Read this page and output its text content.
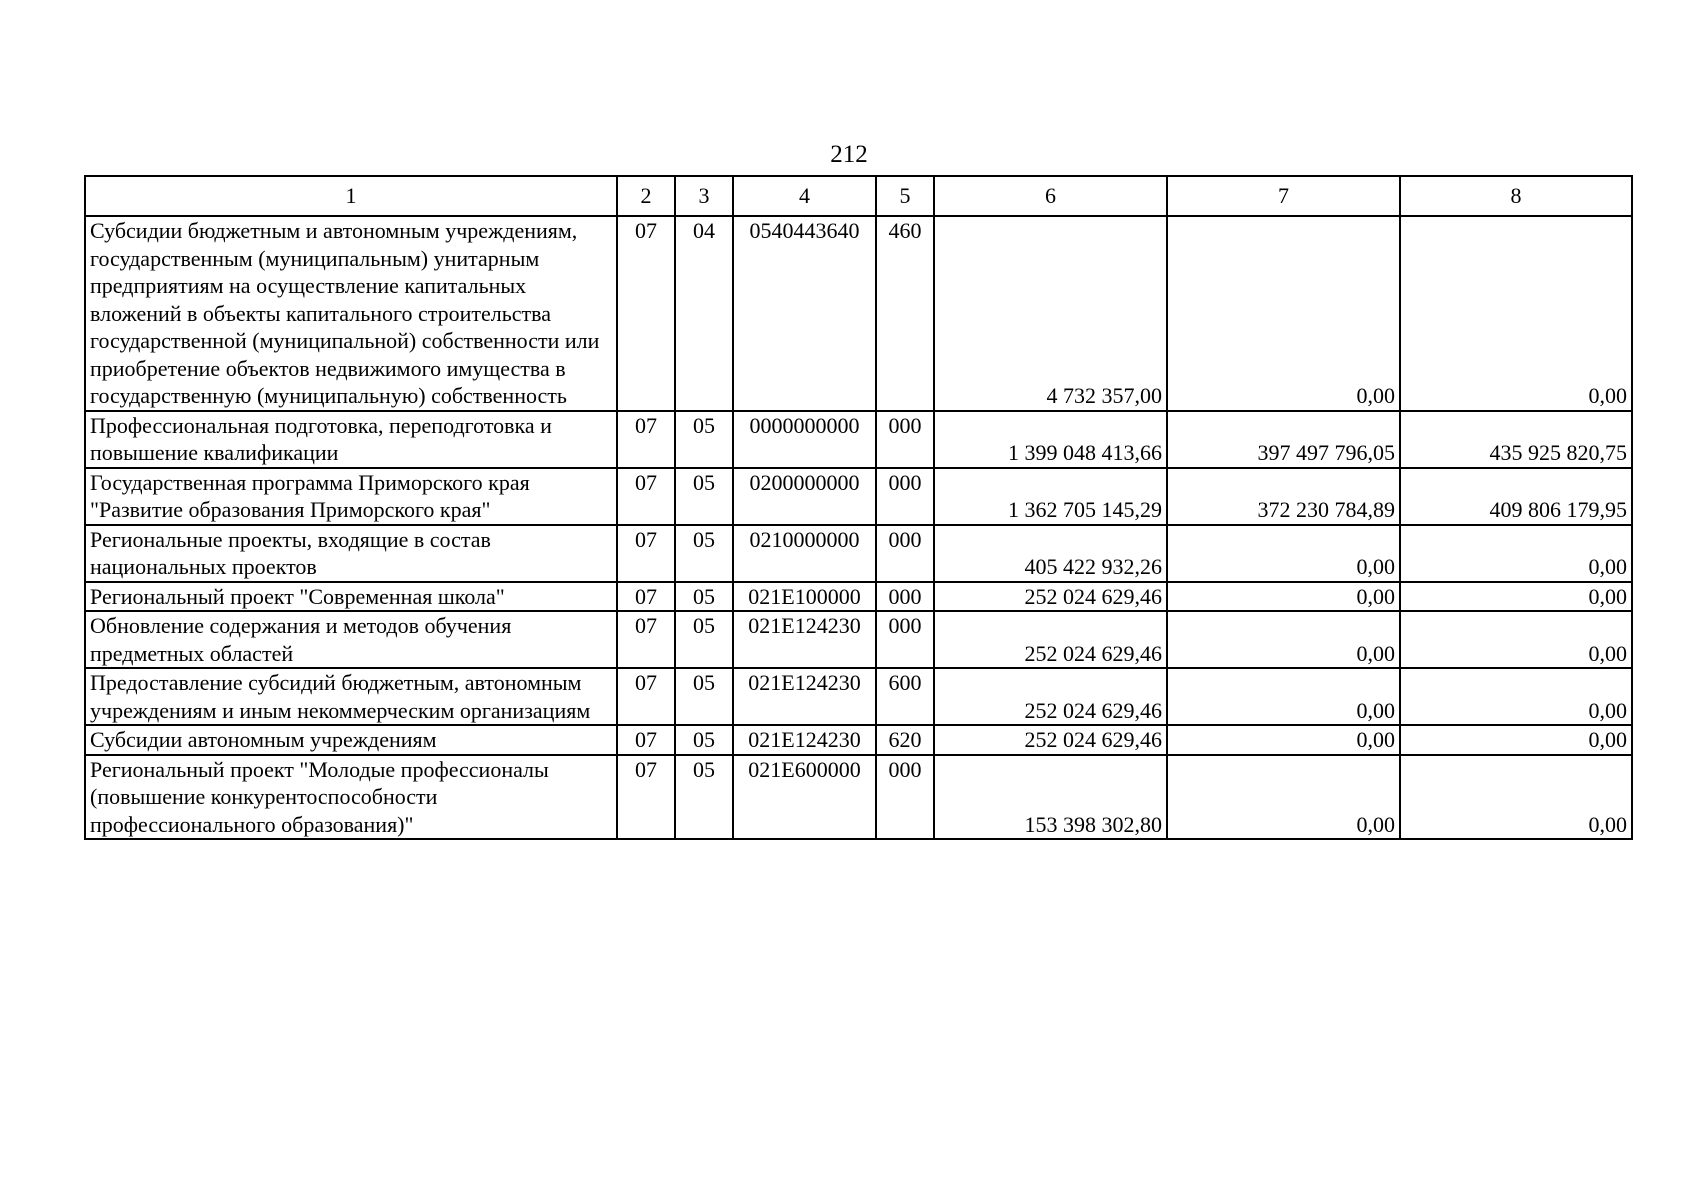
212
1	2	3	4	5	6	7	8
Субсидии бюджетным и автономным учреждениям, государственным (муниципальным) унитарным предприятиям на осуществление капитальных вложений в объекты капитального строительства государственной (муниципальной) собственности или приобретение объектов недвижимого имущества в государственную (муниципальную) собственность	07	04	0540443640	460	4 732 357,00	0,00	0,00
Профессиональная подготовка, переподготовка и повышение квалификации	07	05	0000000000	000	1 399 048 413,66	397 497 796,05	435 925 820,75
Государственная программа Приморского края "Развитие образования Приморского края"	07	05	0200000000	000	1 362 705 145,29	372 230 784,89	409 806 179,95
Региональные проекты, входящие в состав национальных проектов	07	05	0210000000	000	405 422 932,26	0,00	0,00
Региональный проект "Современная школа"	07	05	021E100000	000	252 024 629,46	0,00	0,00
Обновление содержания и методов обучения предметных областей	07	05	021E124230	000	252 024 629,46	0,00	0,00
Предоставление субсидий бюджетным, автономным учреждениям и иным некоммерческим организациям	07	05	021E124230	600	252 024 629,46	0,00	0,00
Субсидии автономным учреждениям	07	05	021E124230	620	252 024 629,46	0,00	0,00
Региональный проект "Молодые профессионалы (повышение конкурентоспособности профессионального образования)"	07	05	021E600000	000	153 398 302,80	0,00	0,00
